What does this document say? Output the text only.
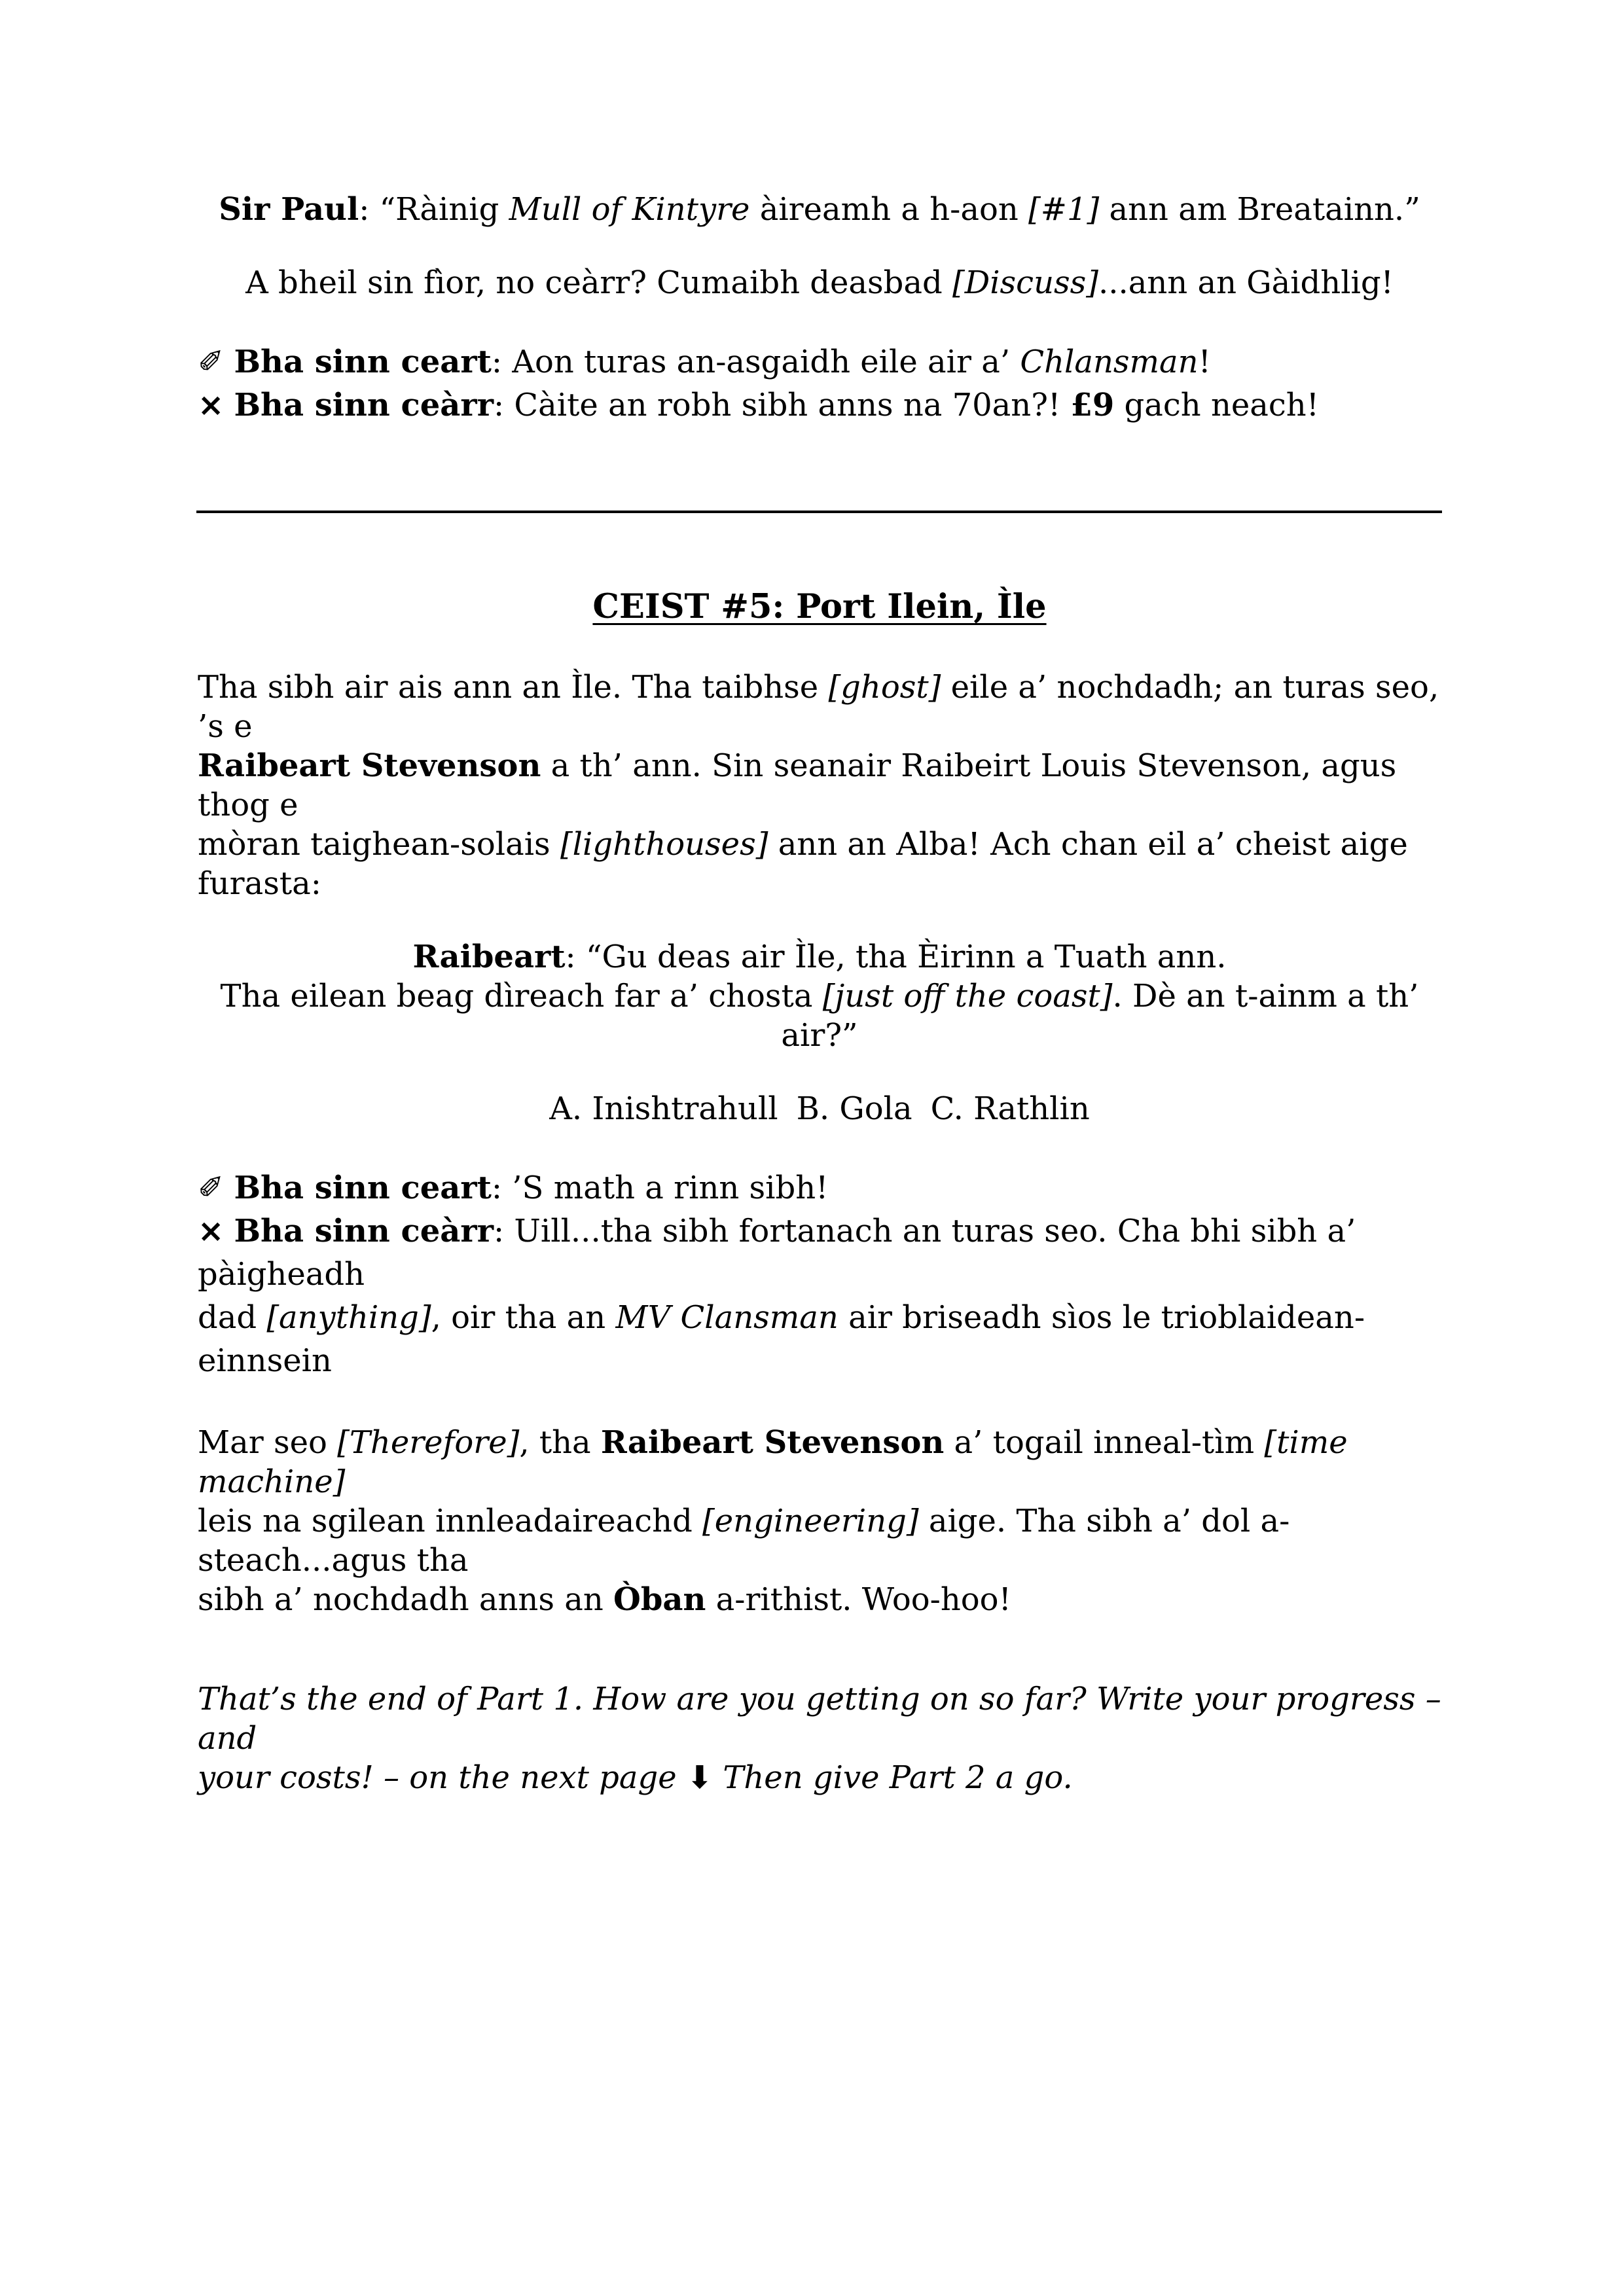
Sir Paul: “Ràinig Mull of Kintyre àireamh a h-aon [#1] ann am Breatainn.”

A bheil sin fìor, no ceàrr? Cumaibh deasbad [Discuss]...ann an Gàidhlig!

✐ Bha sinn ceart: Aon turas an-asgaidh eile air a’ Chlansman!

× Bha sinn ceàrr: Càite an robh sibh anns na 70an?! £9 gach neach!

CEIST #5: Port Ilein, Ìle

Tha sibh air ais ann an Ìle. Tha taibhse [ghost] eile a’ nochdadh; an turas seo, ’s e
Raibeart Stevenson a th’ ann. Sin seanair Raibeirt Louis Stevenson, agus thog e
mòran taighean-solais [lighthouses] ann an Alba! Ach chan eil a’ cheist aige furasta:

Raibeart: “Gu deas air Ìle, tha Èirinn a Tuath ann.
Tha eilean beag dìreach far a’ chosta [just off the coast]. Dè an t-ainm a th’ air?”

A. Inishtrahull B. Gola C. Rathlin

✐ Bha sinn ceart: ’S math a rinn sibh!

× Bha sinn ceàrr: Uill...tha sibh fortanach an turas seo. Cha bhi sibh a’ pàigheadh
dad [anything], oir tha an MV Clansman air briseadh sìos le trioblaidean-einnsein

Mar seo [Therefore], tha Raibeart Stevenson a’ togail inneal-tìm [time machine]
leis na sgilean innleadaireachd [engineering] aige. Tha sibh a’ dol a-steach...agus tha
sibh a’ nochdadh anns an Òban a-rithist. Woo-hoo!

That’s the end of Part 1. How are you getting on so far? Write your progress – and
your costs! – on the next page ⬇ Then give Part 2 a go.
